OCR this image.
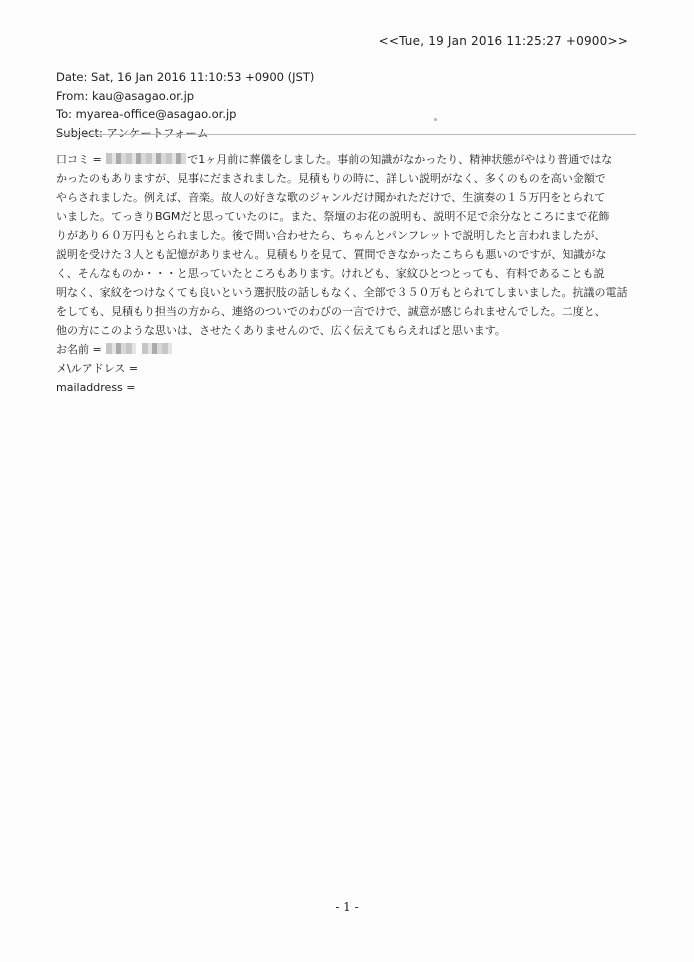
<<Tue, 19 Jan 2016 11:25:27 +0900>>
Date: Sat, 16 Jan 2016 11:10:53 +0900 (JST)
From: kau@asagao.or.jp
To: myarea-office@asagao.or.jp
Subject: アンケートフォーム
口コミ =	で1ヶ月前に葬儀をしました。事前の知識がなかったり、精神状態がやはり普通ではな
かったのもありますが、見事にだまされました。見積もりの時に、詳しい説明がなく、多くのものを高い金額で
やらされました。例えば、音楽。故人の好きな歌のジャンルだけ聞かれただけで、生演奏の１５万円をとられて
いました。てっきりBGMだと思っていたのに。また、祭壇のお花の説明も、説明不足で余分なところにまで花飾
りがあり６０万円もとられました。後で問い合わせたら、ちゃんとパンフレットで説明したと言われましたが、
説明を受けた３人とも記憶がありません。見積もりを見て、質問できなかったこちらも悪いのですが、知識がな
く、そんなものか・・・と思っていたところもあります。けれども、家紋ひとつとっても、有料であることも説
明なく、家紋をつけなくても良いという選択肢の話しもなく、全部で３５０万もとられてしまいました。抗議の電話
をしても、見積もり担当の方から、連絡のついでのわびの一言でけで、誠意が感じられませんでした。二度と、
他の方にこのような思いは、させたくありませんので、広く伝えてもらえればと思います。
お名前 =
メ\ルアドレス =
mailaddress =
- 1 -
